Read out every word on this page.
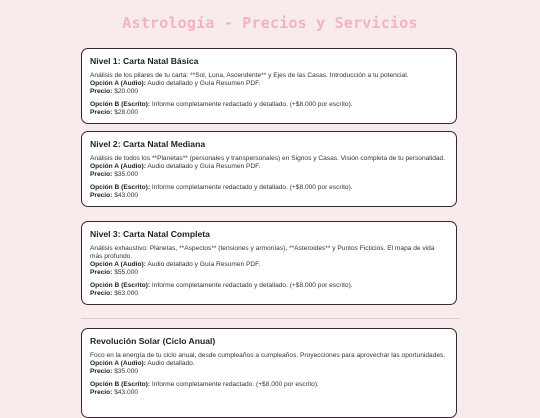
Astrología - Precios y Servicios
Nivel 1: Carta Natal Básica

Análisis de los pilares de tu carta: **Sol, Luna, Ascendente** y Ejes de las Casas. Introducción a tu potencial.

Opción A (Audio): Audio detallado y Guía Resumen PDF.

Precio: $20.000

Opción B (Escrito): Informe completamente redactado y detallado. (+$8.000 por escrito).

Precio: $28.000

Nivel 2: Carta Natal Mediana

Análisis de todos los **Planetas** (personales y transpersonales) en Signos y Casas. Visión completa de tu personalidad.

Opción A (Audio): Audio detallado y Guía Resumen PDF.

Precio: $35.000

Opción B (Escrito): Informe completamente redactado y detallado. (+$8.000 por escrito).

Precio: $43.000

Nivel 3: Carta Natal Completa

Análisis exhaustivo: Planetas, **Aspectos** (tensiones y armonías), **Asteroides** y Puntos Ficticios. El mapa de vida más profundo.

Opción A (Audio): Audio detallado y Guía Resumen PDF.

Precio: $55.000

Opción B (Escrito): Informe completamente redactado y detallado. (+$8.000 por escrito).

Precio: $63.000

Revolución Solar (Ciclo Anual)

Foco en la energía de tu ciclo anual, desde cumpleaños a cumpleaños. Proyecciones para aprovechar las oportunidades.

Opción A (Audio): Audio detallado.

Precio: $35.000

Opción B (Escrito): Informe completamente redactado. (+$8.000 por escrito).

Precio: $43.000
